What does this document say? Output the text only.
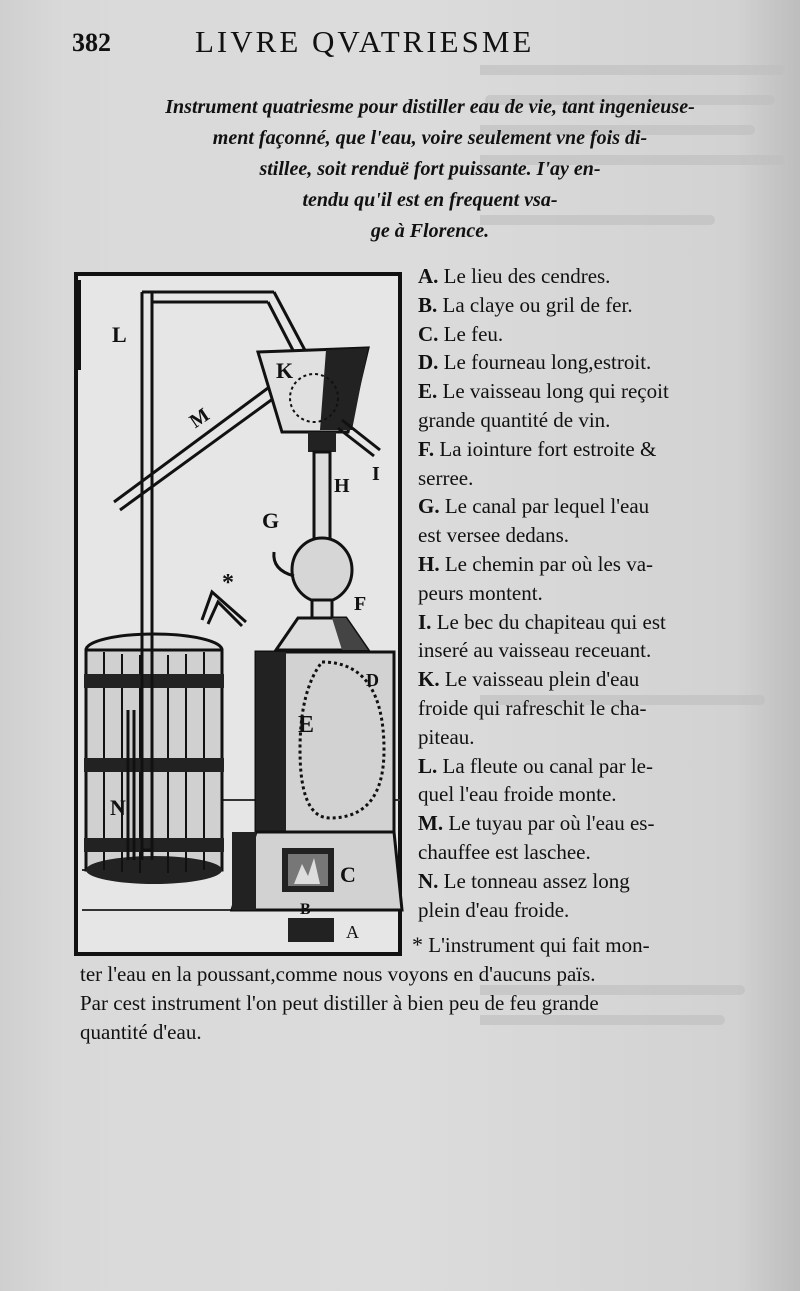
382	LIVRE QVATRIESME
Instrument quatriesme pour distiller eau de vie, tant ingenieuse-
ment façonné, que l'eau, voire seulement vne fois di-
stillee, soit renduë fort puissante. I'ay en-
tendu qu'il est en frequent vsa-
ge à Florence.
N
L
M
K
I
H
G
F
*
D
E
C
B
A
A. Le lieu des cendres.
B. La claye ou gril de fer.
C. Le feu.
D. Le fourneau long,estroit.
E. Le vaisseau long qui reçoit
grande quantité de vin.
F. La iointure fort estroite &
serree.
G. Le canal par lequel l'eau
est versee dedans.
H. Le chemin par où les va-
peurs montent.
I. Le bec du chapiteau qui est
inseré au vaisseau receuant.
K. Le vaisseau plein d'eau
froide qui rafreschit le cha-
piteau.
L. La fleute ou canal par le-
quel l'eau froide monte.
M. Le tuyau par où l'eau es-
chauffee est laschee.
N. Le tonneau assez long
plein d'eau froide.
* L'instrument qui fait mon-

ter l'eau en la poussant,comme nous voyons en d'aucuns païs.

Par cest instrument l'on peut distiller à bien peu de feu grande

quantité d'eau.
